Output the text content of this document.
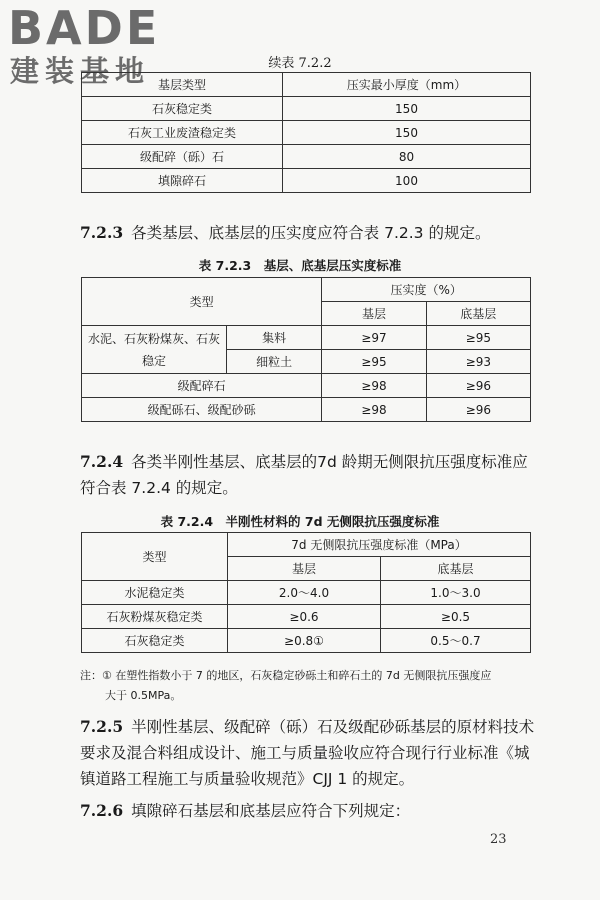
BADE
建装基地	续表 7.2.2
基层类型	压实最小厚度（mm）
石灰稳定类	150
石灰工业废渣稳定类	150
级配碎（砾）石	80
填隙碎石	100

7.2.3 各类基层、底基层的压实度应符合表 7.2.3 的规定。

表 7.2.3　基层、底基层压实度标准
类型		压实度（%）	
		基层	底基层
水泥、石灰粉煤灰、石灰稳定	集料	≥97	≥95
	细粒土	≥95	≥93
级配碎石		≥98	≥96
级配砾石、级配砂砾		≥98	≥96

7.2.4 各类半刚性基层、底基层的7d 龄期无侧限抗压强度标准应符合表 7.2.4 的规定。

表 7.2.4　半刚性材料的 7d 无侧限抗压强度标准
类型	7d 无侧限抗压强度标准（MPa）	
	基层	底基层
水泥稳定类	2.0～4.0	1.0～3.0
石灰粉煤灰稳定类	≥0.6	≥0.5
石灰稳定类	≥0.8①	0.5～0.7
注：① 在塑性指数小于 7 的地区，石灰稳定砂砾土和碎石土的 7d 无侧限抗压强度应
大于 0.5MPa。

7.2.5 半刚性基层、级配碎（砾）石及级配砂砾基层的原材料技术要求及混合料组成设计、施工与质量验收应符合现行行业标准《城镇道路工程施工与质量验收规范》CJJ 1 的规定。

7.2.6 填隙碎石基层和底基层应符合下列规定：

23
